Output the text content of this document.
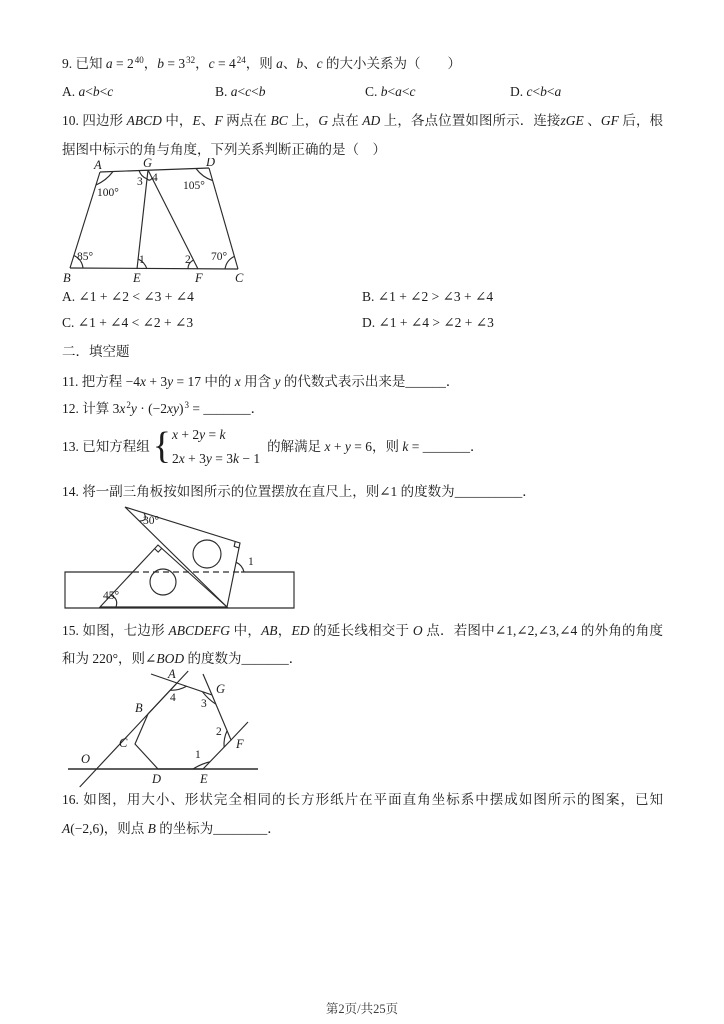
9. 已知 $a = 2^{40}$，$b = 3^{32}$，$c = 4^{24}$，则 a、b、c 的大小关系为（　　）
A. a<b<c	B. a<c<b	C. b<a<c	D. c<b<a
10. 四边形 ABCD 中，E、F 两点在 BC 上，G 点在 AD 上，各点位置如图所示．连接zGE 、GF 后，根
据图中标示的角与角度，下列关系判断正确的是（　）
A	G	D
B	E	F	C
100°
105°
85°	70°
3 4
1	2
A. ∠1 + ∠2 < ∠3 + ∠4	B. ∠1 + ∠2 > ∠3 + ∠4
C. ∠1 + ∠4 < ∠2 + ∠3	D. ∠1 + ∠4 > ∠2 + ∠3
二．填空题
11. 把方程 −4x + 3y = 17 中的 x 用含 y 的代数式表示出来是______．
12. 计算 $3x^2y \cdot (-2xy)^3$ = _______．
13. 已知方程组 { x + 2y = k
2x + 3y = 3k − 1
的解满足 x + y = 6，则 k = _______．
14. 将一副三角板按如图所示的位置摆放在直尺上，则∠1 的度数为__________．
30°
45°
1
15. 如图，七边形 ABCDEFG 中，AB，ED 的延长线相交于 O 点．若图中∠1,∠2,∠3,∠4 的外角的角度
和为 220°，则∠BOD 的度数为_______．
A
B
C
D	E
F
G
O
4 3
2
1
16. 如图，用大小、形状完全相同的长方形纸片在平面直角坐标系中摆成如图所示的图案，已知
A(−2,6)，则点 B 的坐标为________．
第2页/共25页
